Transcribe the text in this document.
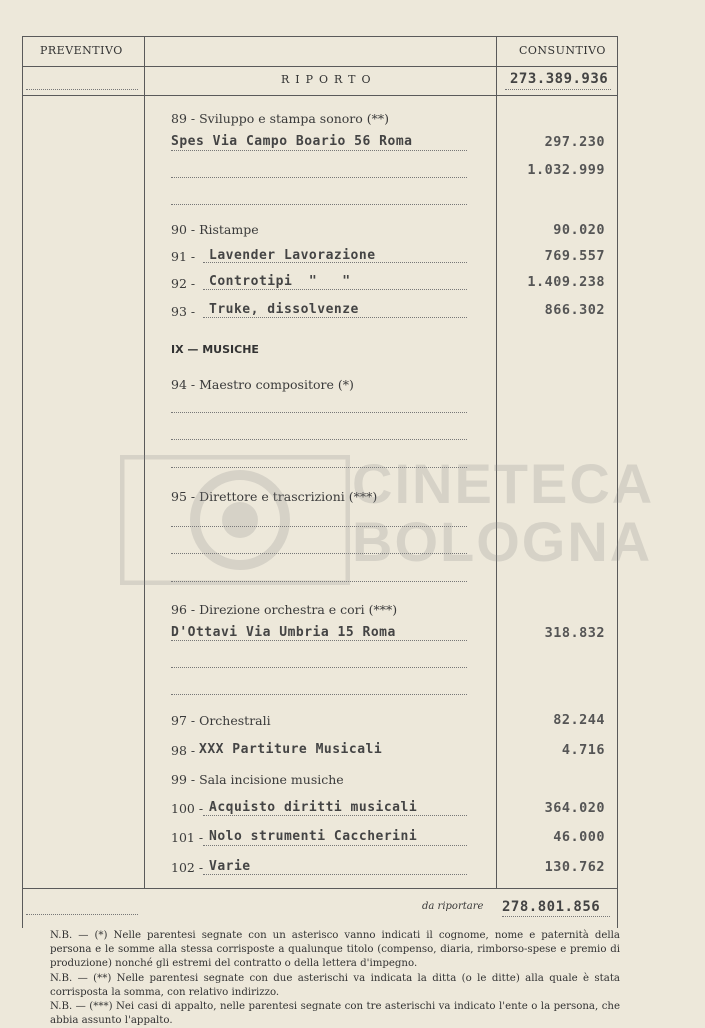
PREVENTIVO	CONSUNTIVO
RIPORTO	273.389.936
89 - Sviluppo e stampa sonoro (**)
Spes Via Campo Boario 56 Roma	297.230
1.032.999
90 - Ristampe	90.020
91 - Lavender Lavorazione	769.557
92 - Controtipi  "   "	1.409.238
93 - Truke, dissolvenze	866.302
IX — MUSICHE
94 - Maestro compositore (*)
95 - Direttore e trascrizioni (***)
96 - Direzione orchestra e cori (***)
D'Ottavi Via Umbria 15 Roma	318.832
97 - Orchestrali	82.244
98 - XXX Partiture Musicali	4.716
99 - Sala incisione musiche
100 - Acquisto diritti musicali	364.020
101 - Nolo strumenti Caccherini	46.000
102 - Varie	130.762
da riportare 278.801.856

N.B. — (*) Nelle parentesi segnate con un asterisco vanno indicati il cognome, nome e paternità della persona e le somme alla stessa corrisposte a qualunque titolo (compenso, diaria, rimborso-spese e premio di produzione) nonché gli estremi del contratto o della lettera d'impegno.

N.B. — (**) Nelle parentesi segnate con due asterischi va indicata la ditta (o le ditte) alla quale è stata corrisposta la somma, con relativo indirizzo.

N.B. — (***) Nei casi di appalto, nelle parentesi segnate con tre asterischi va indicato l'ente o la persona, che abbia assunto l'appalto.

CINETECA
BOLOGNA
